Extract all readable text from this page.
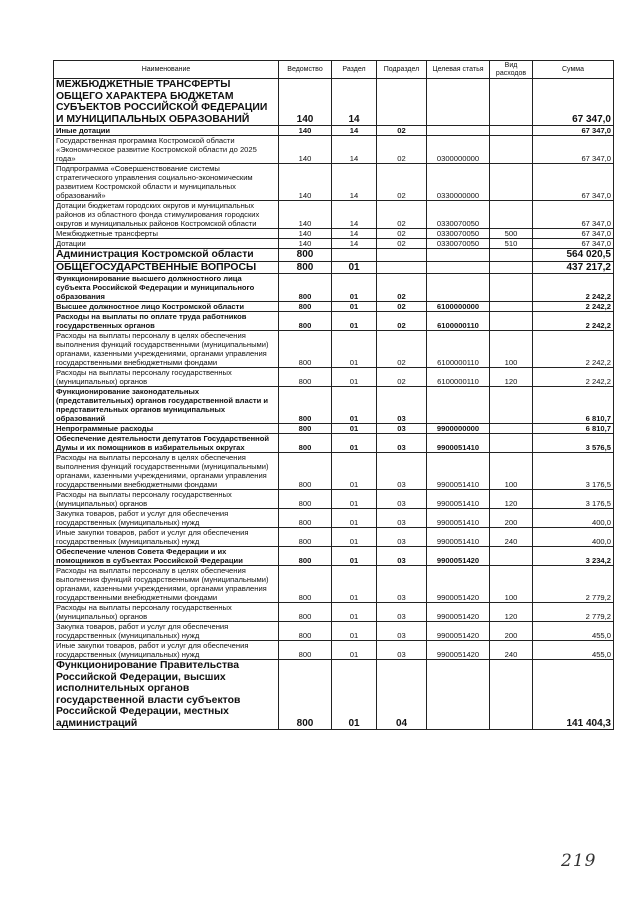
Наименование	Ведомство	Раздел	Подраздел	Целевая статья	Вид расходов	Сумма
МЕЖБЮДЖЕТНЫЕ ТРАНСФЕРТЫ ОБЩЕГО ХАРАКТЕРА БЮДЖЕТАМ СУБЪЕКТОВ РОССИЙСКОЙ ФЕДЕРАЦИИ И МУНИЦИПАЛЬНЫХ ОБРАЗОВАНИЙ	140	14				67 347,0
Иные дотации	140	14	02			67 347,0
Государственная программа Костромской области «Экономическое развитие Костромской области до 2025 года»	140	14	02	0300000000		67 347,0
Подпрограмма «Совершенствование системы стратегического управления социально-экономическим развитием Костромской области и муниципальных образований»	140	14	02	0330000000		67 347,0
Дотации бюджетам городских округов и муниципальных районов из областного фонда стимулирования городских округов и муниципальных районов Костромской области	140	14	02	0330070050		67 347,0
Межбюджетные трансферты	140	14	02	0330070050	500	67 347,0
Дотации	140	14	02	0330070050	510	67 347,0
Администрация Костромской области	800					564 020,5
ОБЩЕГОСУДАРСТВЕННЫЕ ВОПРОСЫ	800	01				437 217,2
Функционирование высшего должностного лица субъекта Российской Федерации и муниципального образования	800	01	02			2 242,2
Высшее должностное лицо Костромской области	800	01	02	6100000000		2 242,2
Расходы на выплаты по оплате труда работников государственных органов	800	01	02	6100000110		2 242,2
Расходы на выплаты персоналу в целях обеспечения выполнения функций государственными (муниципальными) органами, казенными учреждениями, органами управления государственными внебюджетными фондами	800	01	02	6100000110	100	2 242,2
Расходы на выплаты персоналу государственных (муниципальных) органов	800	01	02	6100000110	120	2 242,2
Функционирование законодательных (представительных) органов государственной власти и представительных органов муниципальных образований	800	01	03			6 810,7
Непрограммные расходы	800	01	03	9900000000		6 810,7
Обеспечение деятельности депутатов Государственной Думы и их помощников в избирательных округах	800	01	03	9900051410		3 576,5
Расходы на выплаты персоналу в целях обеспечения выполнения функций государственными (муниципальными) органами, казенными учреждениями, органами управления государственными внебюджетными фондами	800	01	03	9900051410	100	3 176,5
Расходы на выплаты персоналу государственных (муниципальных) органов	800	01	03	9900051410	120	3 176,5
Закупка товаров, работ и услуг для обеспечения государственных (муниципальных) нужд	800	01	03	9900051410	200	400,0
Иные закупки товаров, работ и услуг для обеспечения государственных (муниципальных) нужд	800	01	03	9900051410	240	400,0
Обеспечение членов Совета Федерации и их помощников в субъектах Российской Федерации	800	01	03	9900051420		3 234,2
Расходы на выплаты персоналу в целях обеспечения выполнения функций государственными (муниципальными) органами, казенными учреждениями, органами управления государственными внебюджетными фондами	800	01	03	9900051420	100	2 779,2
Расходы на выплаты персоналу государственных (муниципальных) органов	800	01	03	9900051420	120	2 779,2
Закупка товаров, работ и услуг для обеспечения государственных (муниципальных) нужд	800	01	03	9900051420	200	455,0
Иные закупки товаров, работ и услуг для обеспечения государственных (муниципальных) нужд	800	01	03	9900051420	240	455,0
Функционирование Правительства Российской Федерации, высших исполнительных органов государственной власти субъектов Российской Федерации, местных администраций	800	01	04			141 404,3
219
